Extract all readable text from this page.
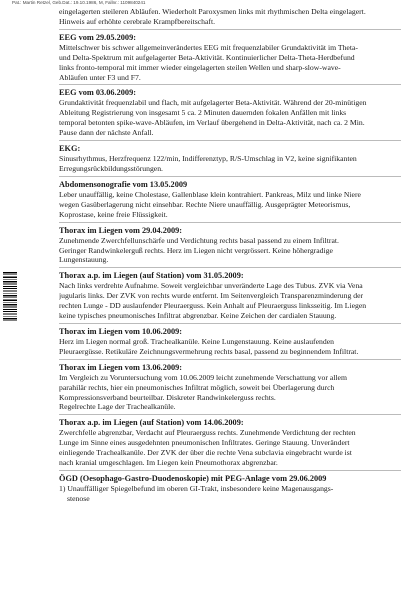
Pat.: Martin Retzel, Geb.Dat.: 19.10.1986, M, Fallnr.: 1109840241

eingelagerten steileren Abläufen. Wiederholt Paroxysmen links mit rhythmischen Delta eingelagert.

Hinweis auf erhöhte cerebrale Krampfbereitschaft.

EEG vom 29.05.2009:

Mittelschwer bis schwer allgemeinverändertes EEG mit frequenzlabiler Grundaktivität im Theta-

und Delta-Spektrum mit aufgelagerter Beta-Aktivität. Kontinuierlicher Delta-Theta-Herdbefund

links fronto-temporal mit immer wieder eingelagerten steilen Wellen und sharp-slow-wave-

Abläufen unter F3 und F7.

EEG vom 03.06.2009:

Grundaktivität frequenzlabil und flach, mit aufgelagerter Beta-Aktivität. Während der 20-minütigen

Ableitung Registrierung von insgesamt 5 ca. 2 Minuten dauernden fokalen Anfällen mit links

temporal betonten spike-wave-Abläufen, im Verlauf übergehend in Delta-Aktivität, nach ca. 2 Min.

Pause dann der nächste Anfall.

EKG:

Sinusrhythmus, Herzfrequenz 122/min, Indifferenztyp, R/S-Umschlag in V2, keine signifikanten

Erregungsrückbildungsstörungen.

Abdomensonografie vom 13.05.2009

Leber unauffällig, keine Cholestase, Gallenblase klein kontrahiert. Pankreas, Milz und linke Niere

wegen Gasüberlagerung nicht einsehbar. Rechte Niere unauffällig. Ausgeprägter Meteorismus,

Koprostase, keine freie Flüssigkeit.

Thorax im Liegen vom 29.04.2009:

Zunehmende Zwerchfellunschärfe und Verdichtung rechts basal passend zu einem Infiltrat.

Geringer Randwinkelerguß rechts. Herz im Liegen nicht vergrössert. Keine höhergradige

Lungenstauung.

Thorax a.p. im Liegen (auf Station) vom 31.05.2009:

Nach links verdrehte Aufnahme. Soweit vergleichbar unveränderte Lage des Tubus. ZVK via Vena

jugularis links. Der ZVK von rechts wurde entfernt. Im Seitenvergleich Transparenzminderung der

rechten Lunge - DD auslaufender Pleuraerguss. Kein Anhalt auf Pleuraerguss linksseitig. Im Liegen

keine typisches pneumonisches Infiltrat abgrenzbar. Keine Zeichen der cardialen Stauung.

Thorax im Liegen vom 10.06.2009:

Herz im Liegen normal groß. Trachealkanüle. Keine Lungenstauung. Keine auslaufenden

Pleuraergüsse. Retikuläre Zeichnungsvermehrung rechts basal, passend zu beginnendem Infiltrat.

Thorax im Liegen vom 13.06.2009:

Im Vergleich zu Voruntersuchung vom 10.06.2009 leicht zunehmende Verschattung vor allem

parahilär rechts, hier ein pneumonisches Infiltrat möglich, soweit bei Überlagerung durch

Kompressionsverband beurteilbar. Diskreter Randwinkelerguss rechts.

Regelrechte Lage der Trachealkanüle.

Thorax a.p. im Liegen (auf Station) vom 14.06.2009:

Zwerchfelle abgrenzbar, Verdacht auf Pleuraerguss rechts. Zunehmende Verdichtung der rechten

Lunge im Sinne eines ausgedehnten pneumonischen Infiltrates. Geringe Stauung. Unverändert

einliegende Trachealkanüle. Der ZVK der über die rechte Vena subclavia eingebracht wurde ist

nach kranial umgeschlagen. Im Liegen kein Pneumothorax abgrenzbar.

ÖGD (Oesophago-Gastro-Duodenoskopie) mit PEG-Anlage vom 29.06.2009

1) Unauffälliger Spiegelbefund im oberen GI-Trakt, insbesondere keine Magenausgangs-

stenose
